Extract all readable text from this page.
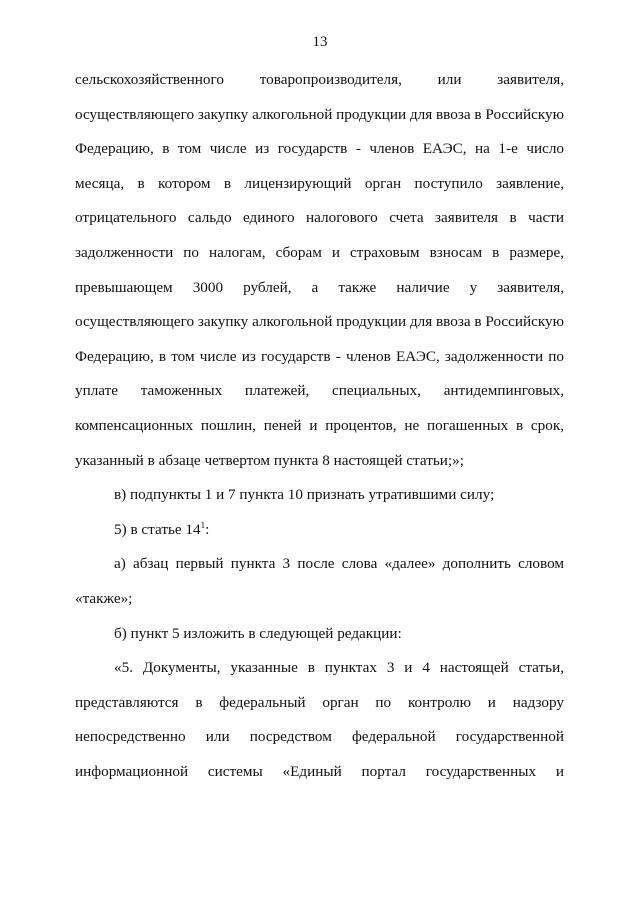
13
сельскохозяйственного товаропроизводителя, или заявителя,
осуществляющего закупку алкогольной продукции для ввоза в Российскую
Федерацию, в том числе из государств - членов ЕАЭС, на 1-е число
месяца, в котором в лицензирующий орган поступило заявление,
отрицательного сальдо единого налогового счета заявителя в части
задолженности по налогам, сборам и страховым взносам в размере,
превышающем 3000 рублей, а также наличие у заявителя,
осуществляющего закупку алкогольной продукции для ввоза в Российскую
Федерацию, в том числе из государств - членов ЕАЭС, задолженности по
уплате таможенных платежей, специальных, антидемпинговых,
компенсационных пошлин, пеней и процентов, не погашенных в срок,
указанный в абзаце четвертом пункта 8 настоящей статьи;»;
в) подпункты 1 и 7 пункта 10 признать утратившими силу;
5) в статье $14^1$:
а) абзац первый пункта 3 после слова «далее» дополнить словом
«также»;
б) пункт 5 изложить в следующей редакции:
«5. Документы, указанные в пунктах 3 и 4 настоящей статьи,
представляются в федеральный орган по контролю и надзору
непосредственно или посредством федеральной государственной
информационной системы «Единый портал государственных и
